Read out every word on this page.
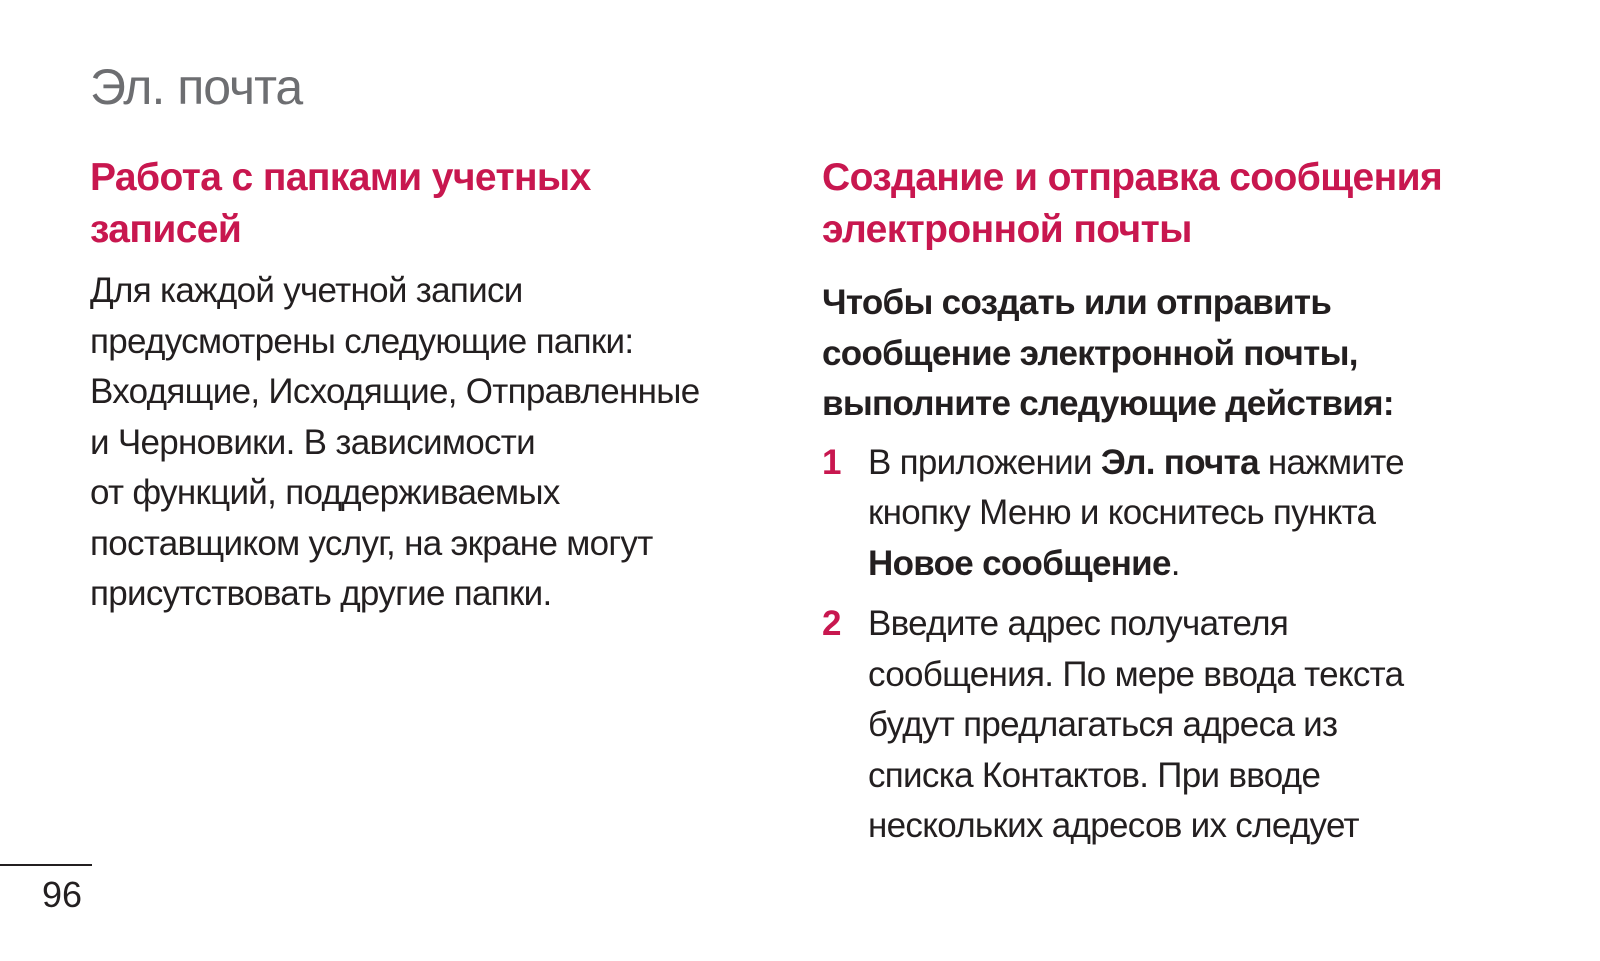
Эл. почта
Работа с папками учетных
записей

Для каждой учетной записи
предусмотрены следующие папки:
Входящие, Исходящие, Отправленные
и Черновики. В зависимости
от функций, поддерживаемых
поставщиком услуг, на экране могут
присутствовать другие папки.

Создание и отправка сообщения
электронной почты

Чтобы создать или отправить
сообщение электронной почты,
выполните следующие действия:

1 В приложении Эл. почта нажмите
кнопку Меню и коснитесь пункта
Новое сообщение.
2 Введите адрес получателя
сообщения. По мере ввода текста
будут предлагаться адреса из
списка Контактов. При вводе
нескольких адресов их следует
96
